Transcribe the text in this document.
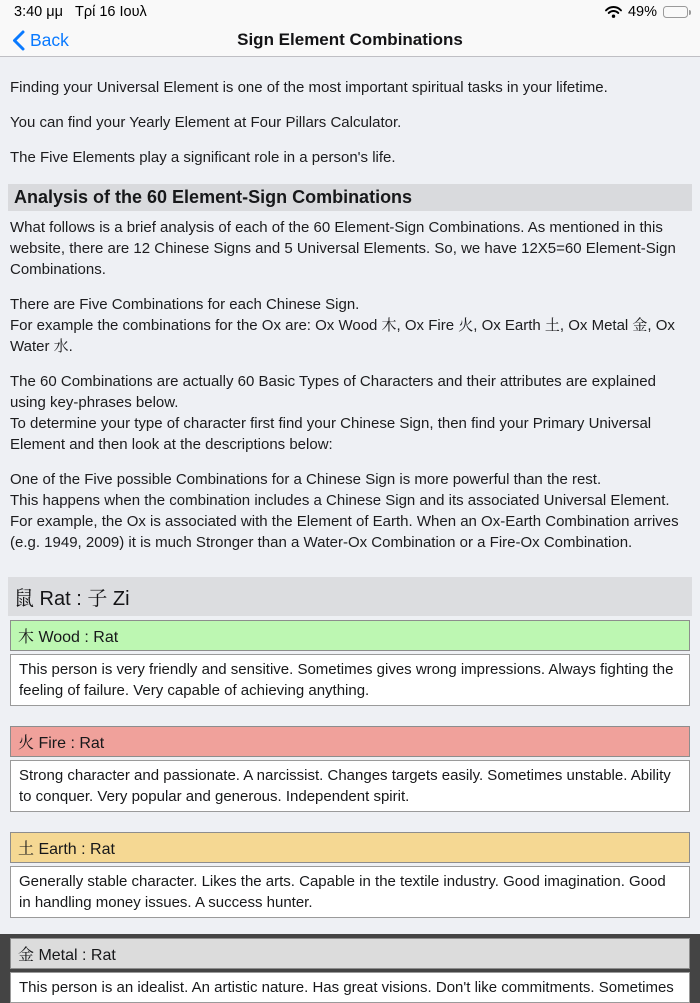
3:40 μμ Τρί 16 Ιουλ	49%
Sign Element Combinations
Back
Finding your Universal Element is one of the most important spiritual tasks in your lifetime.
You can find your Yearly Element at Four Pillars Calculator.
The Five Elements play a significant role in a person's life.
Analysis of the 60 Element-Sign Combinations
What follows is a brief analysis of each of the 60 Element-Sign Combinations. As mentioned in this website, there are 12 Chinese Signs and 5 Universal Elements. So, we have 12X5=60 Element-Sign Combinations.
There are Five Combinations for each Chinese Sign.
For example the combinations for the Ox are: Ox Wood 木, Ox Fire 火, Ox Earth 土, Ox Metal 金, Ox Water 水.
The 60 Combinations are actually 60 Basic Types of Characters and their attributes are explained using key-phrases below.
To determine your type of character first find your Chinese Sign, then find your Primary Universal Element and then look at the descriptions below:
One of the Five possible Combinations for a Chinese Sign is more powerful than the rest.
This happens when the combination includes a Chinese Sign and its associated Universal Element.
For example, the Ox is associated with the Element of Earth. When an Ox-Earth Combination arrives (e.g. 1949, 2009) it is much Stronger than a Water-Ox Combination or a Fire-Ox Combination.
鼠 Rat : 子 Zi
木 Wood : Rat
This person is very friendly and sensitive. Sometimes gives wrong impressions. Always fighting the feeling of failure. Very capable of achieving anything.
火 Fire : Rat
Strong character and passionate. A narcissist. Changes targets easily. Sometimes unstable. Ability to conquer. Very popular and generous. Independent spirit.
土 Earth : Rat
Generally stable character. Likes the arts. Capable in the textile industry. Good imagination. Good in handling money issues. A success hunter.
金 Metal : Rat
This person is an idealist. An artistic nature. Has great visions. Don't like commitments. Sometimes
